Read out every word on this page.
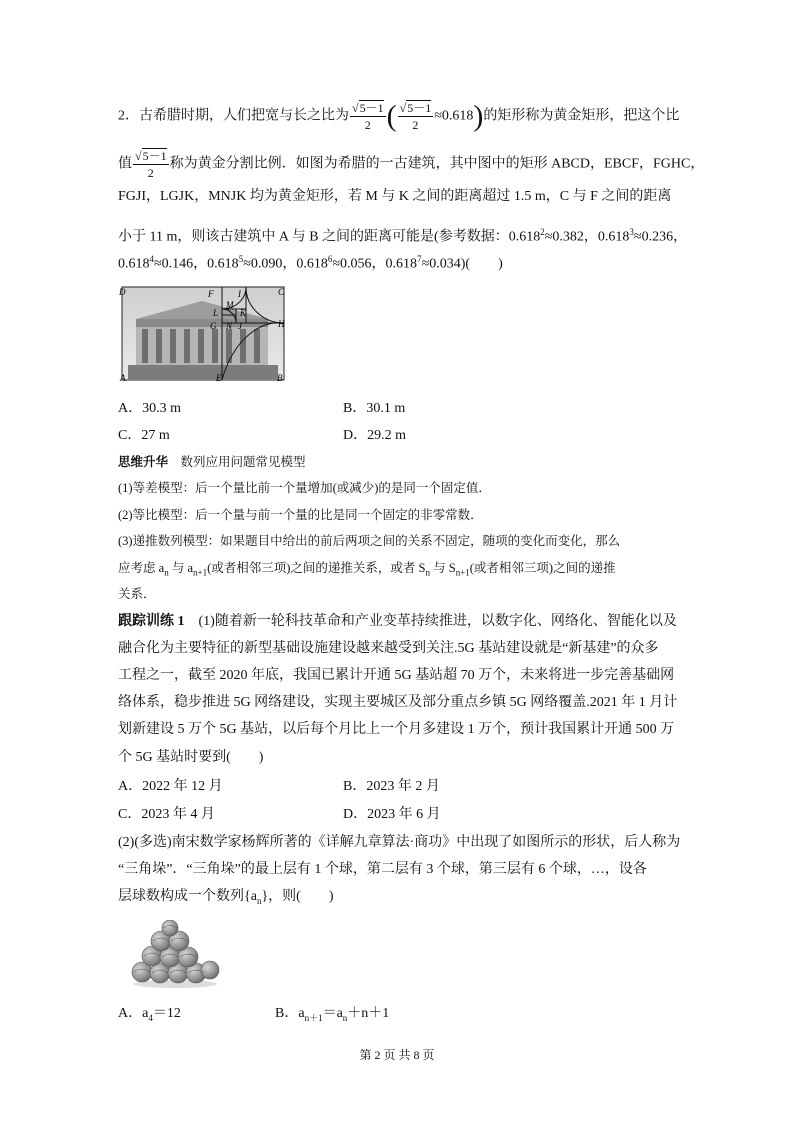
2．古希腊时期，人们把宽与长之比为 $\frac{√5-1}{2}$ ( $\frac{√5-1}{2} \approx 0.618$)的矩形称为黄金矩形，把这个比
值 $\frac{√5-1}{2}$ 称为黄金分割比例．如图为希腊的一古建筑，其中图中的矩形 ABCD，EBCF，FGHC，
FGJI，LGJK，MNJK 均为黄金矩形，若 M 与 K 之间的距离超过 1.5 m，C 与 F 之间的距离
小于 11 m，则该古建筑中 A 与 B 之间的距离可能是(参考数据：$0.618^2\approx 0.382$，$0.618^3\approx 0.236$，
$0.618^4\approx 0.146$，$0.618^5\approx 0.090$，$0.618^6\approx 0.056$，$0.618^7\approx 0.034$)(　　)
D	F	I	C
M
L K
G N J	H
A	E	B
A．30.3 m	B．30.1 m
C．27 m	D．29.2 m
思维升华　数列应用问题常见模型
(1)等差模型：后一个量比前一个量增加(或减少)的是同一个固定值．
(2)等比模型：后一个量与前一个量的比是同一个固定的非零常数．
(3)递推数列模型：如果题目中给出的前后两项之间的关系不固定，随项的变化而变化，那么
应考虑 $a_n$ 与 $a_{n+1}$(或者相邻三项)之间的递推关系，或者 $S_n$ 与 $S_{n+1}$(或者相邻三项)之间的递推
关系．
跟踪训练 1　(1)随着新一轮科技革命和产业变革持续推进，以数字化、网络化、智能化以及
融合化为主要特征的新型基础设施建设越来越受到关注.5G 基站建设就是“新基建”的众多
工程之一，截至 2020 年底，我国已累计开通 5G 基站超 70 万个，未来将进一步完善基础网
络体系，稳步推进 5G 网络建设，实现主要城区及部分重点乡镇 5G 网络覆盖.2021 年 1 月计
划新建设 5 万个 5G 基站，以后每个月比上一个月多建设 1 万个，预计我国累计开通 500 万
个 5G 基站时要到(　　)
A．2022 年 12 月	B．2023 年 2 月
C．2023 年 4 月	D．2023 年 6 月
(2)(多选)南宋数学家杨辉所著的《详解九章算法·商功》中出现了如图所示的形状，后人称为
“三角垛”．“三角垛”的最上层有 1 个球，第二层有 3 个球，第三层有 6 个球，…，设各
层球数构成一个数列$\{a_n\}$，则(　　)
A．$a_4=12$	B．$a_{n+1}=a_n+n+1$
第 2 页 共 8 页
